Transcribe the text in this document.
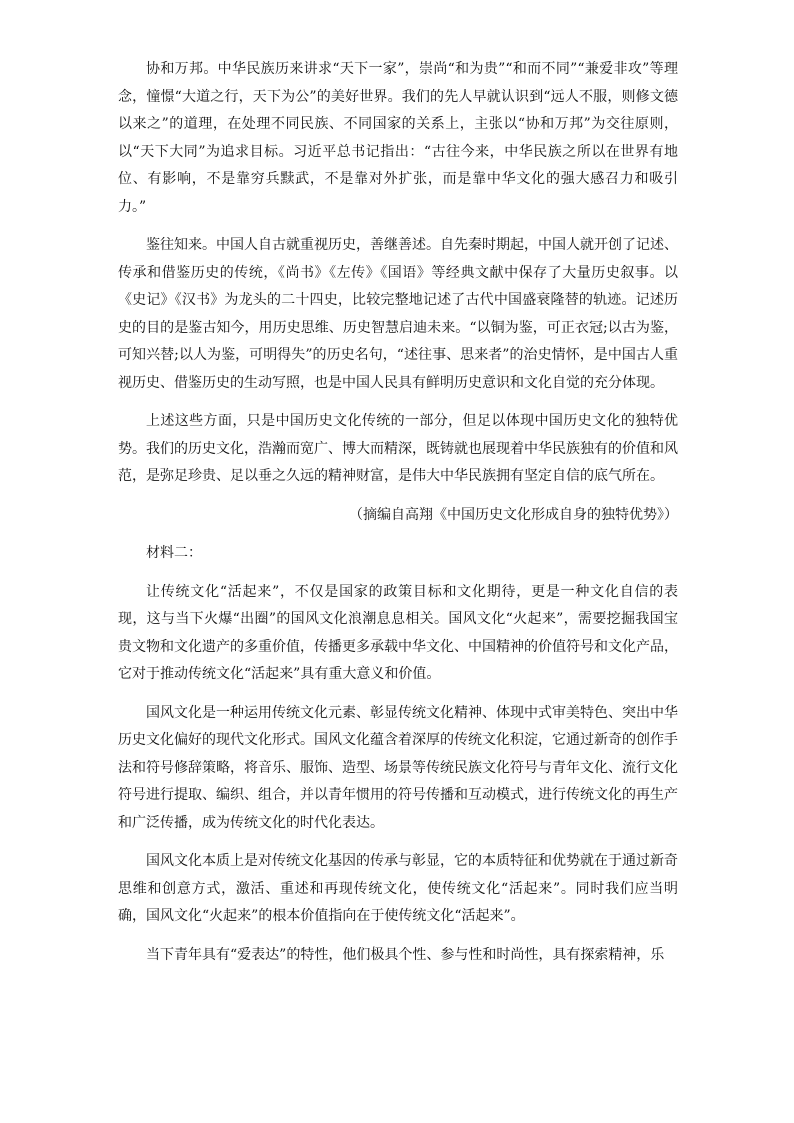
协和万邦。中华民族历来讲求“天下一家”，崇尚“和为贵”“和而不同”“兼爱非攻”等理念，憧憬“大道之行，天下为公”的美好世界。我们的先人早就认识到“远人不服，则修文德以来之”的道理，在处理不同民族、不同国家的关系上，主张以“协和万邦”为交往原则，以“天下大同”为追求目标。习近平总书记指出：“古往今来，中华民族之所以在世界有地位、有影响，不是靠穷兵黩武，不是靠对外扩张，而是靠中华文化的强大感召力和吸引力。”

鉴往知来。中国人自古就重视历史，善继善述。自先秦时期起，中国人就开创了记述、传承和借鉴历史的传统，《尚书》《左传》《国语》等经典文献中保存了大量历史叙事。以《史记》《汉书》为龙头的二十四史，比较完整地记述了古代中国盛衰隆替的轨迹。记述历史的目的是鉴古知今，用历史思维、历史智慧启迪未来。“以铜为鉴，可正衣冠;以古为鉴，可知兴替;以人为鉴，可明得失”的历史名句，“述往事、思来者”的治史情怀，是中国古人重视历史、借鉴历史的生动写照，也是中国人民具有鲜明历史意识和文化自觉的充分体现。

上述这些方面，只是中国历史文化传统的一部分，但足以体现中国历史文化的独特优势。我们的历史文化，浩瀚而宽广、博大而精深，既铸就也展现着中华民族独有的价值和风范，是弥足珍贵、足以垂之久远的精神财富，是伟大中华民族拥有坚定自信的底气所在。

（摘编自高翔《中国历史文化形成自身的独特优势》）

材料二：

让传统文化“活起来”，不仅是国家的政策目标和文化期待，更是一种文化自信的表现，这与当下火爆“出圈”的国风文化浪潮息息相关。国风文化“火起来”，需要挖掘我国宝贵文物和文化遗产的多重价值，传播更多承载中华文化、中国精神的价值符号和文化产品，它对于推动传统文化“活起来”具有重大意义和价值。

国风文化是一种运用传统文化元素、彰显传统文化精神、体现中式审美特色、突出中华历史文化偏好的现代文化形式。国风文化蕴含着深厚的传统文化积淀，它通过新奇的创作手法和符号修辞策略，将音乐、服饰、造型、场景等传统民族文化符号与青年文化、流行文化符号进行提取、编织、组合，并以青年惯用的符号传播和互动模式，进行传统文化的再生产和广泛传播，成为传统文化的时代化表达。

国风文化本质上是对传统文化基因的传承与彰显，它的本质特征和优势就在于通过新奇思维和创意方式，激活、重述和再现传统文化，使传统文化“活起来”。同时我们应当明确，国风文化“火起来”的根本价值指向在于使传统文化“活起来”。

当下青年具有“爱表达”的特性，他们极具个性、参与性和时尚性，具有探索精神，乐
